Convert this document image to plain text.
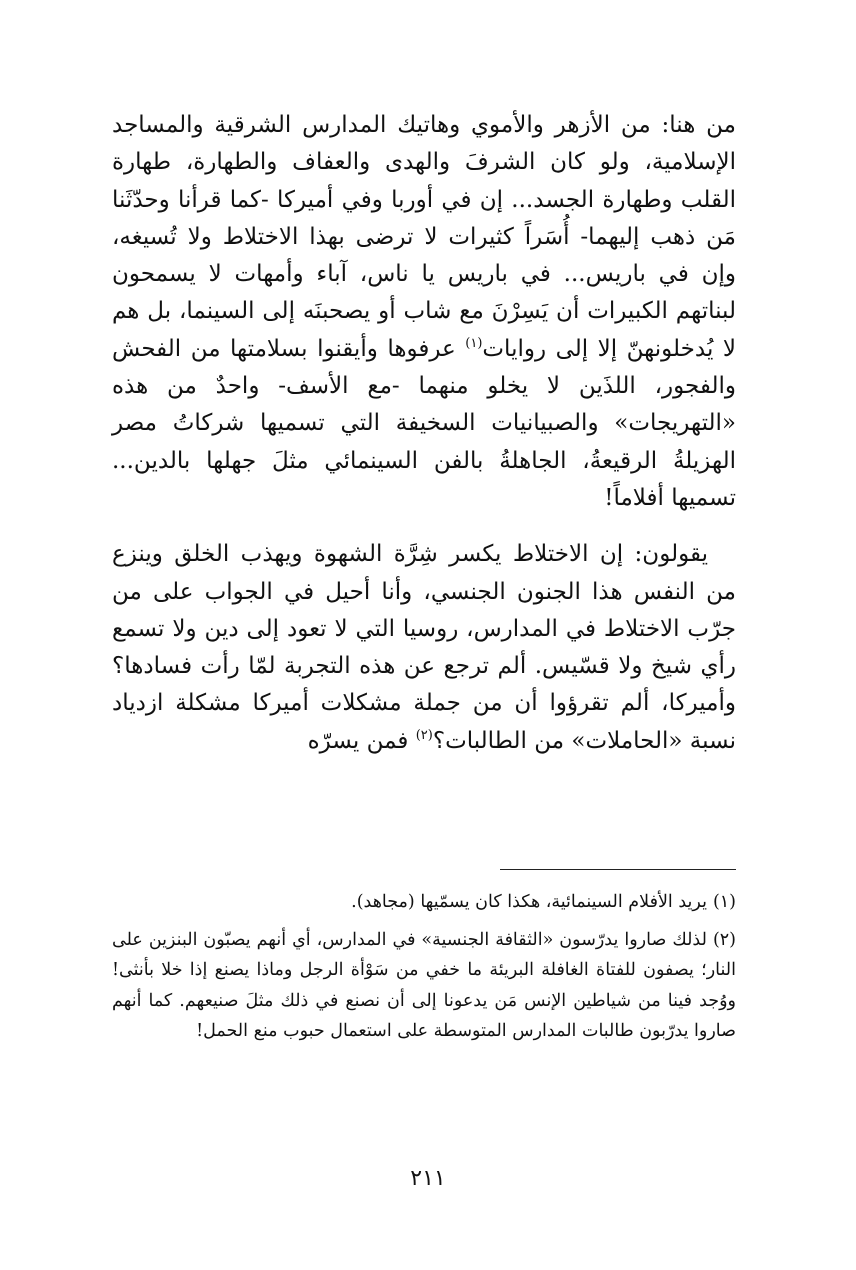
من هنا: من الأزهر والأموي وهاتيك المدارس الشرقية والمساجد الإسلامية، ولو كان الشرفَ والهدى والعفاف والطهارة، طهارة القلب وطهارة الجسد... إن في أوربا وفي أميركا -كما قرأنا وحدّثَنا مَن ذهب إليهما- أُسَراً كثيرات لا ترضى بهذا الاختلاط ولا تُسيغه، وإن في باريس... في باريس يا ناس، آباء وأمهات لا يسمحون لبناتهم الكبيرات أن يَسِرْنَ مع شاب أو يصحبنَه إلى السينما، بل هم لا يُدخلونهنّ إلا إلى روايات$^{(١)}$ عرفوها وأيقنوا بسلامتها من الفحش والفجور، اللذَين لا يخلو منهما -مع الأسف- واحدٌ من هذه «التهريجات» والصبيانيات السخيفة التي تسميها شركاتُ مصر الهزيلةُ الرقيعةُ، الجاهلةُ بالفن السينمائي مثلَ جهلها بالدين... تسميها أفلاماً!

يقولون: إن الاختلاط يكسر شِرَّة الشهوة ويهذب الخلق وينزع من النفس هذا الجنون الجنسي، وأنا أحيل في الجواب على من جرّب الاختلاط في المدارس، روسيا التي لا تعود إلى دين ولا تسمع رأي شيخ ولا قسّيس. ألم ترجع عن هذه التجربة لمّا رأت فسادها؟ وأميركا، ألم تقرؤوا أن من جملة مشكلات أميركا مشكلة ازدياد نسبة «الحاملات» من الطالبات؟$^{(٢)}$ فمن يسرّه

(١)يريد الأفلام السينمائية، هكذا كان يسمّيها (مجاهد).

(٢)لذلك صاروا يدرّسون «الثقافة الجنسية» في المدارس، أي أنهم يصبّون البنزين على النار؛ يصفون للفتاة الغافلة البريئة ما خفي من سَوْأة الرجل وماذا يصنع إذا خلا بأنثى! ووُجد فينا من شياطين الإنس مَن يدعونا إلى أن نصنع في ذلك مثلَ صنيعهم. كما أنهم صاروا يدرّبون طالبات المدارس المتوسطة على استعمال حبوب منع الحمل!

٢١١
